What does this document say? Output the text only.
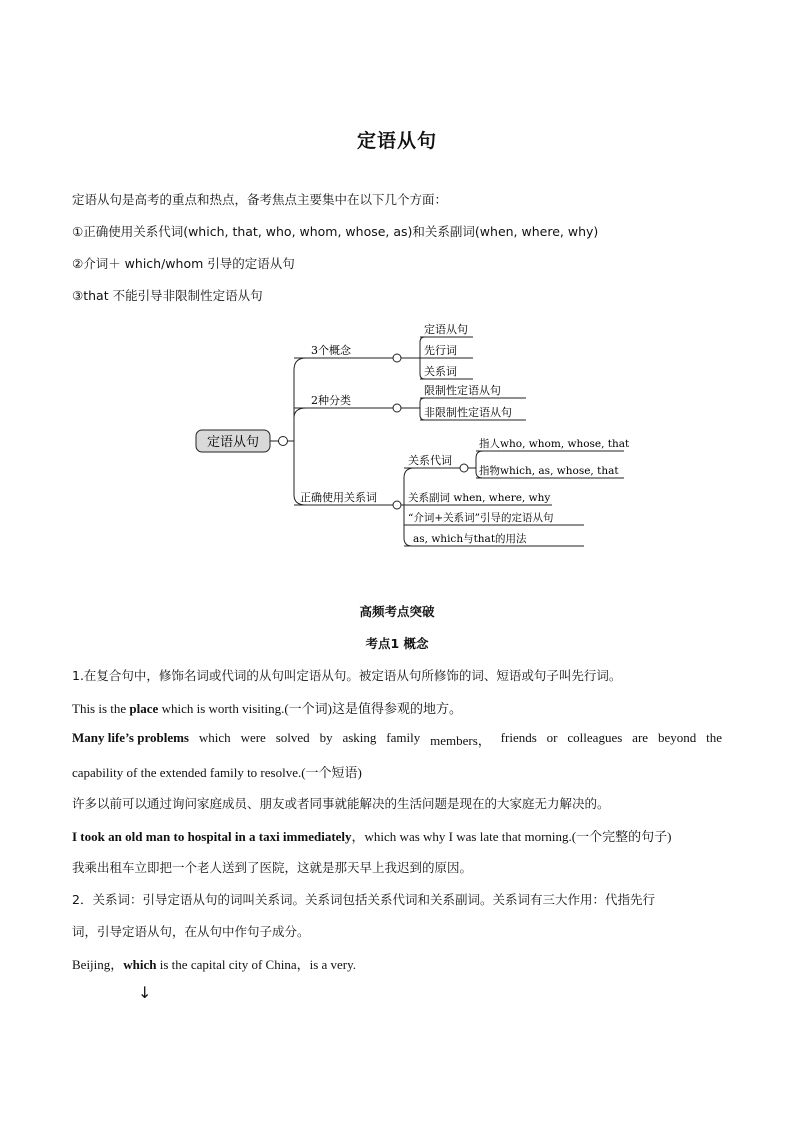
定语从句
定语从句是高考的重点和热点，备考焦点主要集中在以下几个方面：
①正确使用关系代词(which, that, who, whom, whose, as)和关系副词(when, where, why)
②介词＋ which/whom 引导的定语从句
③that 不能引导非限制性定语从句
定语从句
3个概念
2种分类
正确使用关系词
定语从句
先行词
关系词
限制性定语从句
非限制性定语从句
关系代词
指人who, whom, whose, that
指物which, as, whose, that
关系副词 when, where, why
“介词+关系词”引导的定语从句
as, which与that的用法
高频考点突破
考点1 概念
1.在复合句中，修饰名词或代词的从句叫定语从句。被定语从句所修饰的词、短语或句子叫先行词。
This is the place which is worth visiting.(一个词)这是值得参观的地方。
Many life’s problems which were solved by asking family members， friends or colleagues are beyond the
capability of the extended family to resolve.(一个短语)
许多以前可以通过询问家庭成员、朋友或者同事就能解决的生活问题是现在的大家庭无力解决的。
I took an old man to hospital in a taxi immediately，which was why I was late that morning.(一个完整的句子)
我乘出租车立即把一个老人送到了医院，这就是那天早上我迟到的原因。
2．关系词：引导定语从句的词叫关系词。关系词包括关系代词和关系副词。关系词有三大作用：代指先行
词，引导定语从句，在从句中作句子成分。
Beijing，which is the capital city of China，is a very.
↓
